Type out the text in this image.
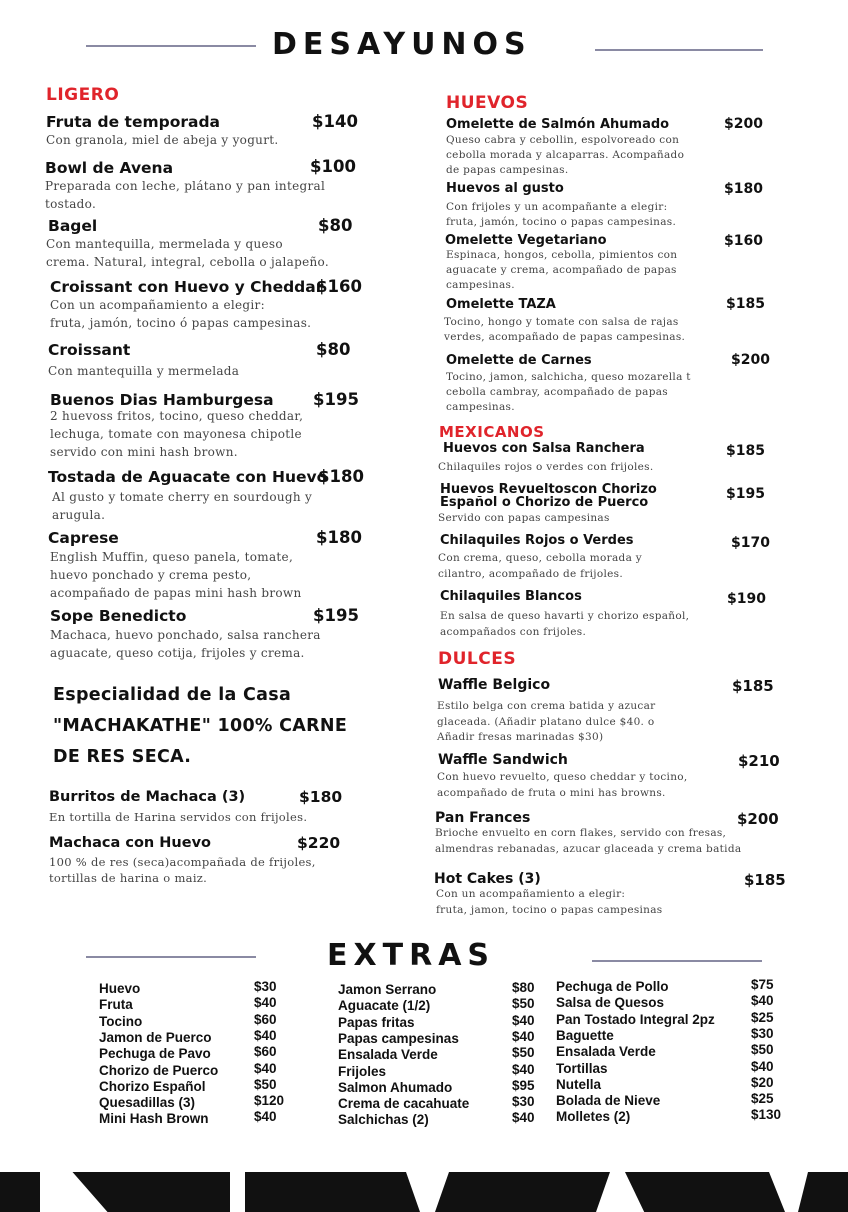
DESAYUNOS
LIGERO	HUEVOS
MEXICANOS
DULCES
Fruta de temporada	$140
Con granola, miel de abeja y yogurt.
Bowl de Avena	$100
Preparada con leche, plátano y pan integral
tostado.
Bagel	$80
Con mantequilla, mermelada y queso
crema. Natural, integral, cebolla o jalapeño.
Croissant con Huevo y Cheddar
$160
Con un acompañamiento a elegir:
fruta, jamón, tocino ó papas campesinas.
Croissant	$80
Con mantequilla y mermelada
Buenos Dias Hamburgesa $195
2 huevoss fritos, tocino, queso cheddar,
lechuga, tomate con mayonesa chipotle
servido con mini hash brown.
Tostada de Aguacate con Huevo
$180
Al gusto y tomate cherry en sourdough y
arugula.
Caprese	$180
English Muffin, queso panela, tomate,
huevo ponchado y crema pesto,
acompañado de papas mini hash brown
Sope Benedicto	$195
Machaca, huevo ponchado, salsa ranchera
aguacate, queso cotija, frijoles y crema.
Especialidad de la Casa
"MACHAKATHE" 100% CARNE
DE RES SECA.
Burritos de Machaca (3)	$180
En tortilla de Harina servidos con frijoles.
Machaca con Huevo	$220
100 % de res (seca)acompañada de frijoles,
tortillas de harina o maiz.
Omelette de Salmón Ahumado	$200
Queso cabra y cebollin, espolvoreado con
cebolla morada y alcaparras. Acompañado
de papas campesinas.
Huevos al gusto	$180
Con frijoles y un acompañante a elegir:
fruta, jamón, tocino o papas campesinas.
Omelette Vegetariano	$160
Espinaca, hongos, cebolla, pimientos con
aguacate y crema, acompañado de papas
campesinas.
Omelette TAZA	$185
Tocino, hongo y tomate con salsa de rajas
verdes, acompañado de papas campesinas.
Omelette de Carnes	$200
Tocino, jamon, salchicha, queso mozarella t
cebolla cambray, acompañado de papas
campesinas.
Huevos con Salsa Ranchera	$185
Chilaquiles rojos o verdes con frijoles.
Huevos Revueltoscon Chorizo
Español o Chorizo de Puerco	$195
Servido con papas campesinas
Chilaquiles Rojos o Verdes	$170
Con crema, queso, cebolla morada y
cilantro, acompañado de frijoles.
Chilaquiles Blancos	$190
En salsa de queso havarti y chorizo español,
acompañados con frijoles.
Waffle Belgico	$185
Estilo belga con crema batida y azucar
glaceada. (Añadir platano dulce $40. o
Añadir fresas marinadas $30)
Waffle Sandwich	$210
Con huevo revuelto, queso cheddar y tocino,
acompañado de fruta o mini has browns.
Pan Frances	$200
Brioche envuelto en corn flakes, servido con fresas,
almendras rebanadas, azucar glaceada y crema batida
Hot Cakes (3)	$185
Con un acompañamiento a elegir:
fruta, jamon, tocino o papas campesinas
EXTRAS
Huevo	$30
Fruta	$40
Tocino	$60
Jamon de Puerco	$40
Pechuga de Pavo	$60
Chorizo de Puerco	$40
Chorizo Español	$50
Quesadillas (3)	$120
Mini Hash Brown	$40
Jamon Serrano	$80
Aguacate (1/2)	$50
Papas fritas	$40
Papas campesinas	$40
Ensalada Verde	$50
Frijoles	$40
Salmon Ahumado	$95
Crema de cacahuate	$30
Salchichas (2)	$40
Pechuga de Pollo	$75
Salsa de Quesos	$40
Pan Tostado Integral 2pz	$25
Baguette	$30
Ensalada Verde	$50
Tortillas	$40
Nutella	$20
Bolada de Nieve	$25
Molletes (2)	$130
